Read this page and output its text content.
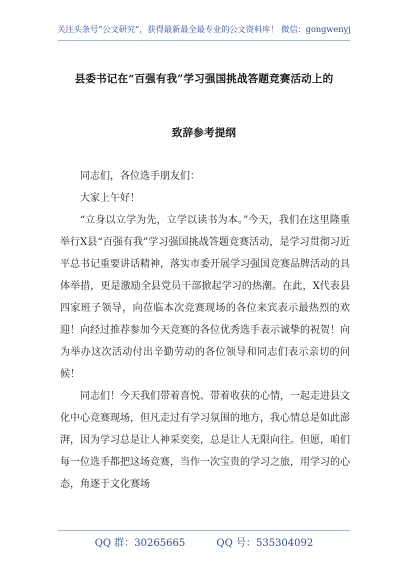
关注头条号“公文研究”，获得最新最全最专业的公文资料库！ 微信：gongwenyj
县委书记在“百强有我”学习强国挑战答题竞赛活动上的
致辞参考提纲

同志们，各位选手朋友们：

大家上午好！

“立身以立学为先，立学以读书为本。”今天，我们在这里隆重举行X县“百强有我”学习强国挑战答题竞赛活动，是学习贯彻习近平总书记重要讲话精神，落实市委开展学习强国竞赛品牌活动的具体举措，更是激励全县党员干部掀起学习的热潮。在此，X代表县四家班子领导，向莅临本次竞赛现场的各位来宾表示最热烈的欢迎！向经过推荐参加今天竞赛的各位优秀选手表示诚挚的祝贺！向为举办这次活动付出辛勤劳动的各位领导和同志们表示亲切的问候！

同志们！今天我们带着喜悦、带着收获的心情，一起走进县文化中心竞赛现场，但凡走过有学习氛围的地方，我心情总是如此澎湃，因为学习总是让人神采奕奕，总是让人无限向往。但愿，咱们每一位选手都把这场竞赛，当作一次宝贵的学习之旅，用学习的心态，角逐于文化赛场

QQ 群：30265665	QQ 号：535304092
